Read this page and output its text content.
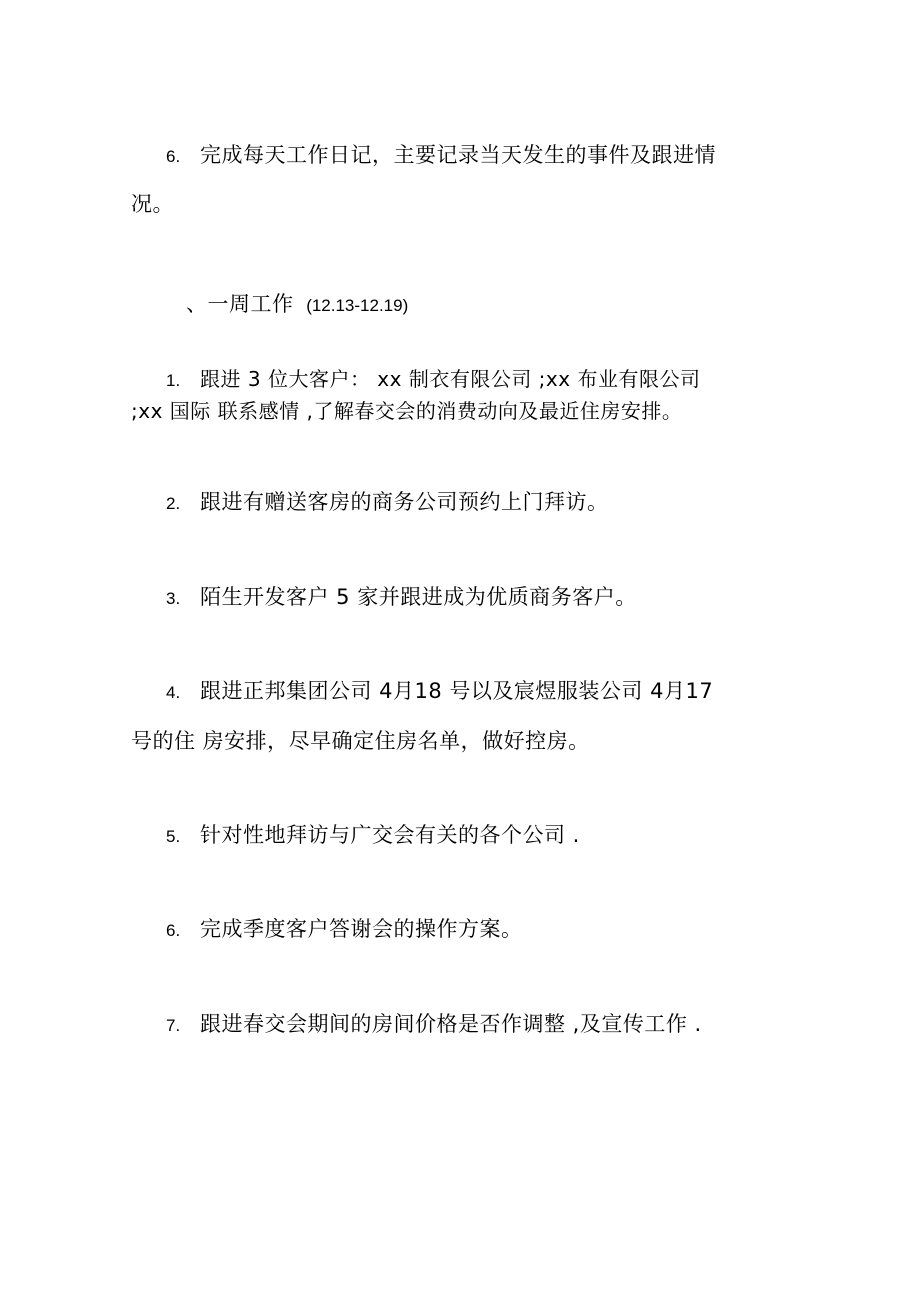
6. 完成每天工作日记，主要记录当天发生的事件及跟进情
况。
、一周工作 (12.13-12.19)
1. 跟进 3 位大客户： xx 制衣有限公司 ;xx 布业有限公司
;xx 国际 联系感情 ,了解春交会的消费动向及最近住房安排。
2. 跟进有赠送客房的商务公司预约上门拜访。
3. 陌生开发客户 5 家并跟进成为优质商务客户。
4. 跟进正邦集团公司 4月18 号以及宸煜服装公司 4月17
号的住 房安排，尽早确定住房名单，做好控房。
5. 针对性地拜访与广交会有关的各个公司 .
6. 完成季度客户答谢会的操作方案。
7. 跟进春交会期间的房间价格是否作调整 ,及宣传工作 .
